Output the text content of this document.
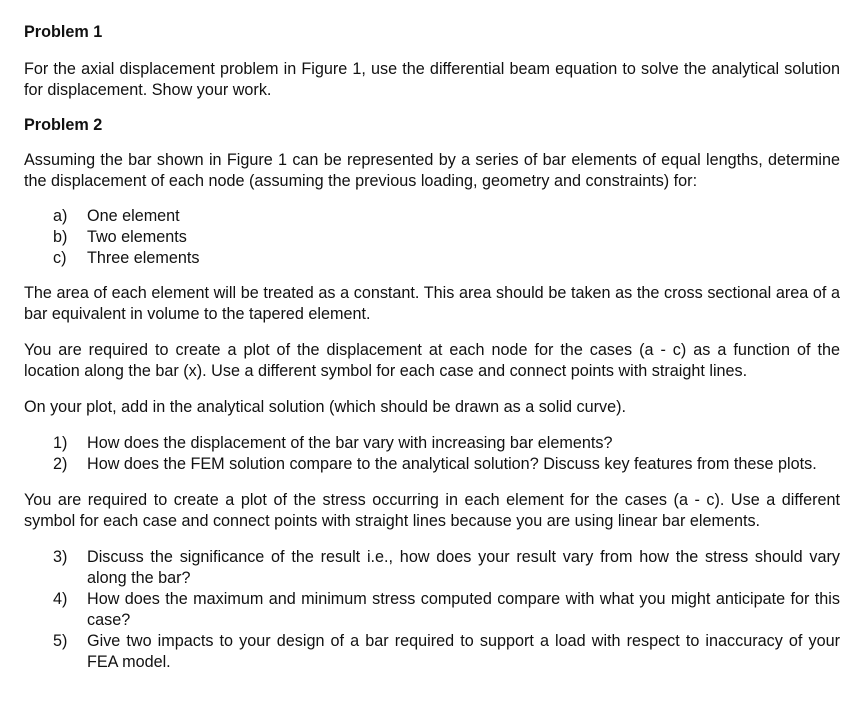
Problem 1

For the axial displacement problem in Figure 1, use the differential beam equation to solve the analytical solution for displacement. Show your work.

Problem 2

Assuming the bar shown in Figure 1 can be represented by a series of bar elements of equal lengths, determine the displacement of each node (assuming the previous loading, geometry and constraints) for:

a)	One element
b)	Two elements
c)	Three elements

The area of each element will be treated as a constant. This area should be taken as the cross sectional area of a bar equivalent in volume to the tapered element.

You are required to create a plot of the displacement at each node for the cases (a - c) as a function of the location along the bar (x). Use a different symbol for each case and connect points with straight lines.

On your plot, add in the analytical solution (which should be drawn as a solid curve).

1)	How does the displacement of the bar vary with increasing bar elements?
2)	How does the FEM solution compare to the analytical solution? Discuss key features from these plots.

You are required to create a plot of the stress occurring in each element for the cases (a - c). Use a different symbol for each case and connect points with straight lines because you are using linear bar elements.

3)	Discuss the significance of the result i.e., how does your result vary from how the stress should vary along the bar?
4)	How does the maximum and minimum stress computed compare with what you might anticipate for this case?
5)	Give two impacts to your design of a bar required to support a load with respect to inaccuracy of your FEA model.
